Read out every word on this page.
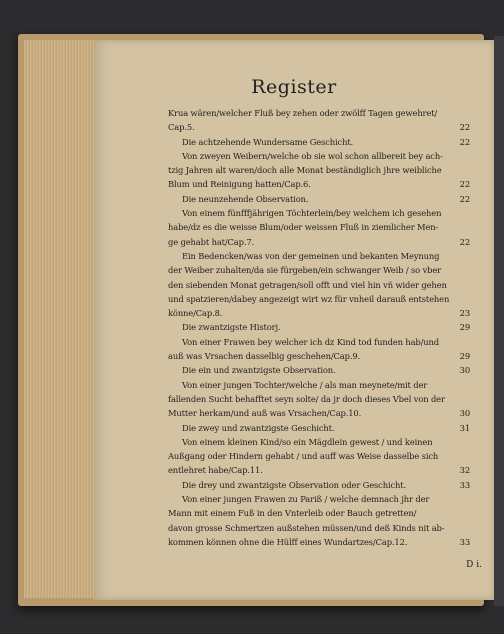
Register
Krua wären/welcher Fluß bey zehen oder zwölff Tagen gewehret/
Cap.5.	22
Die achtzehende Wundersame Geschicht.	22
Von zweyen Weibern/welche ob sie wol schon allbereit bey ach-
tzig Jahren alt waren/doch alle Monat beständiglich jhre weibliche
Blum und Reinigung hatten/Cap.6.	22
Die neunzehende Observation.	22
Von einem fünfffjährigen Töchterlein/bey welchem ich gesehen
habe/dz es die weisse Blum/oder weissen Fluß in ziemlicher Men-
ge gehabt hat/Cap.7.	22
Ein Bedencken/was von der gemeinen und bekanten Meynung
der Weiber zuhalten/da sie fürgeben/ein schwanger Weib / so vber
den siebenden Monat getragen/soll offt und viel hin vñ wider gehen
und spatzieren/dabey angezeigt wirt wz für vnheil darauß entstehen
könne/Cap.8.	23
Die zwantzigste Historj.	29
Von einer Frawen bey welcher ich dz Kind tod funden hab/und
auß was Vrsachen dasselbig geschehen/Cap.9.	29
Die ein und zwantzigste Observation.	30
Von einer jungen Tochter/welche / als man meynete/mit der
fallenden Sucht behafftet seyn solte/ da jr doch dieses Vbel von der
Mutter herkam/und auß was Vrsachen/Cap.10.	30
Die zwey und zwantzigste Geschicht.	31
Von einem kleinen Kind/so ein Mägdlein gewest / und keinen
Außgang oder Hindern gehabt / und auff was Weise dasselbe sich
entlehret habe/Cap.11.	32
Die drey und zwantzigste Observation oder Geschicht.	33
Von einer jungen Frawen zu Pariß / welche demnach jhr der
Mann mit einem Fuß in den Vnterleib oder Bauch getretten/
davon grosse Schmertzen außstehen müssen/und deß Kinds nit ab-
kommen können ohne die Hülff eines Wundartzes/Cap.12.	33
D i.
